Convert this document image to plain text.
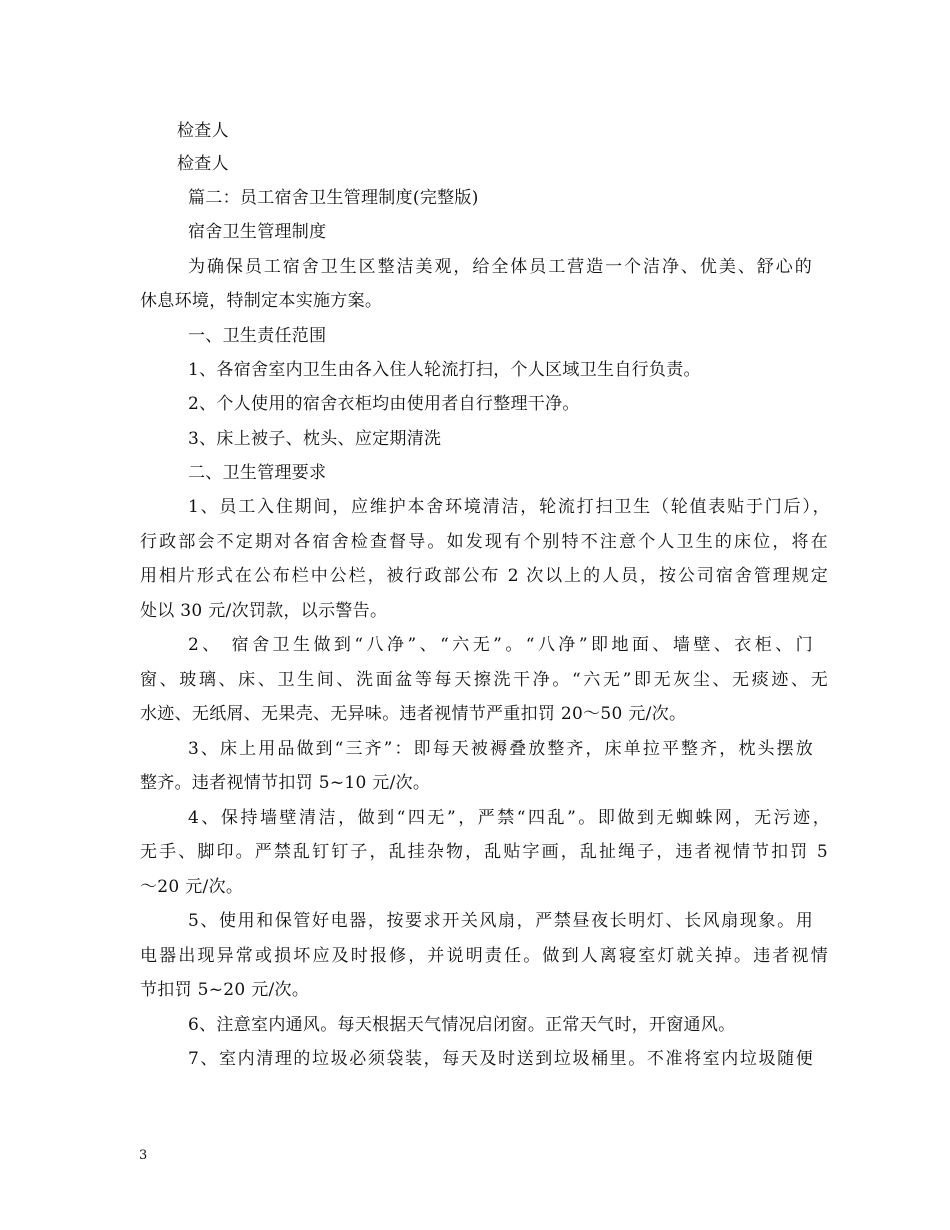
检查人
检查人
篇二：员工宿舍卫生管理制度(完整版)
宿舍卫生管理制度
为确保员工宿舍卫生区整洁美观，给全体员工营造一个洁净、优美、舒心的
休息环境，特制定本实施方案。
一、卫生责任范围
1、各宿舍室内卫生由各入住人轮流打扫，个人区域卫生自行负责。
2、个人使用的宿舍衣柜均由使用者自行整理干净。
3、床上被子、枕头、应定期清洗
二、卫生管理要求
1、员工入住期间，应维护本舍环境清洁，轮流打扫卫生（轮值表贴于门后），
行政部会不定期对各宿舍检查督导。如发现有个别特不注意个人卫生的床位，将在
用相片形式在公布栏中公栏，被行政部公布 2 次以上的人员，按公司宿舍管理规定
处以 30 元/次罚款，以示警告。
2、 宿舍卫生做到“八净”、“六无”。“八净”即地面、墙壁、衣柜、门
窗、玻璃、床、卫生间、洗面盆等每天擦洗干净。“六无”即无灰尘、无痰迹、无
水迹、无纸屑、无果壳、无异味。违者视情节严重扣罚 20～50 元/次。
3、床上用品做到“三齐”：即每天被褥叠放整齐，床单拉平整齐，枕头摆放
整齐。违者视情节扣罚 5~10 元/次。
4、保持墙壁清洁，做到“四无”，严禁“四乱”。即做到无蜘蛛网，无污迹，
无手、脚印。严禁乱钉钉子，乱挂杂物，乱贴字画，乱扯绳子，违者视情节扣罚 5
～20 元/次。
5、使用和保管好电器，按要求开关风扇，严禁昼夜长明灯、长风扇现象。用
电器出现异常或损坏应及时报修，并说明责任。做到人离寝室灯就关掉。违者视情
节扣罚 5~20 元/次。
6、注意室内通风。每天根据天气情况启闭窗。正常天气时，开窗通风。
7、室内清理的垃圾必须袋装，每天及时送到垃圾桶里。不准将室内垃圾随便
3
